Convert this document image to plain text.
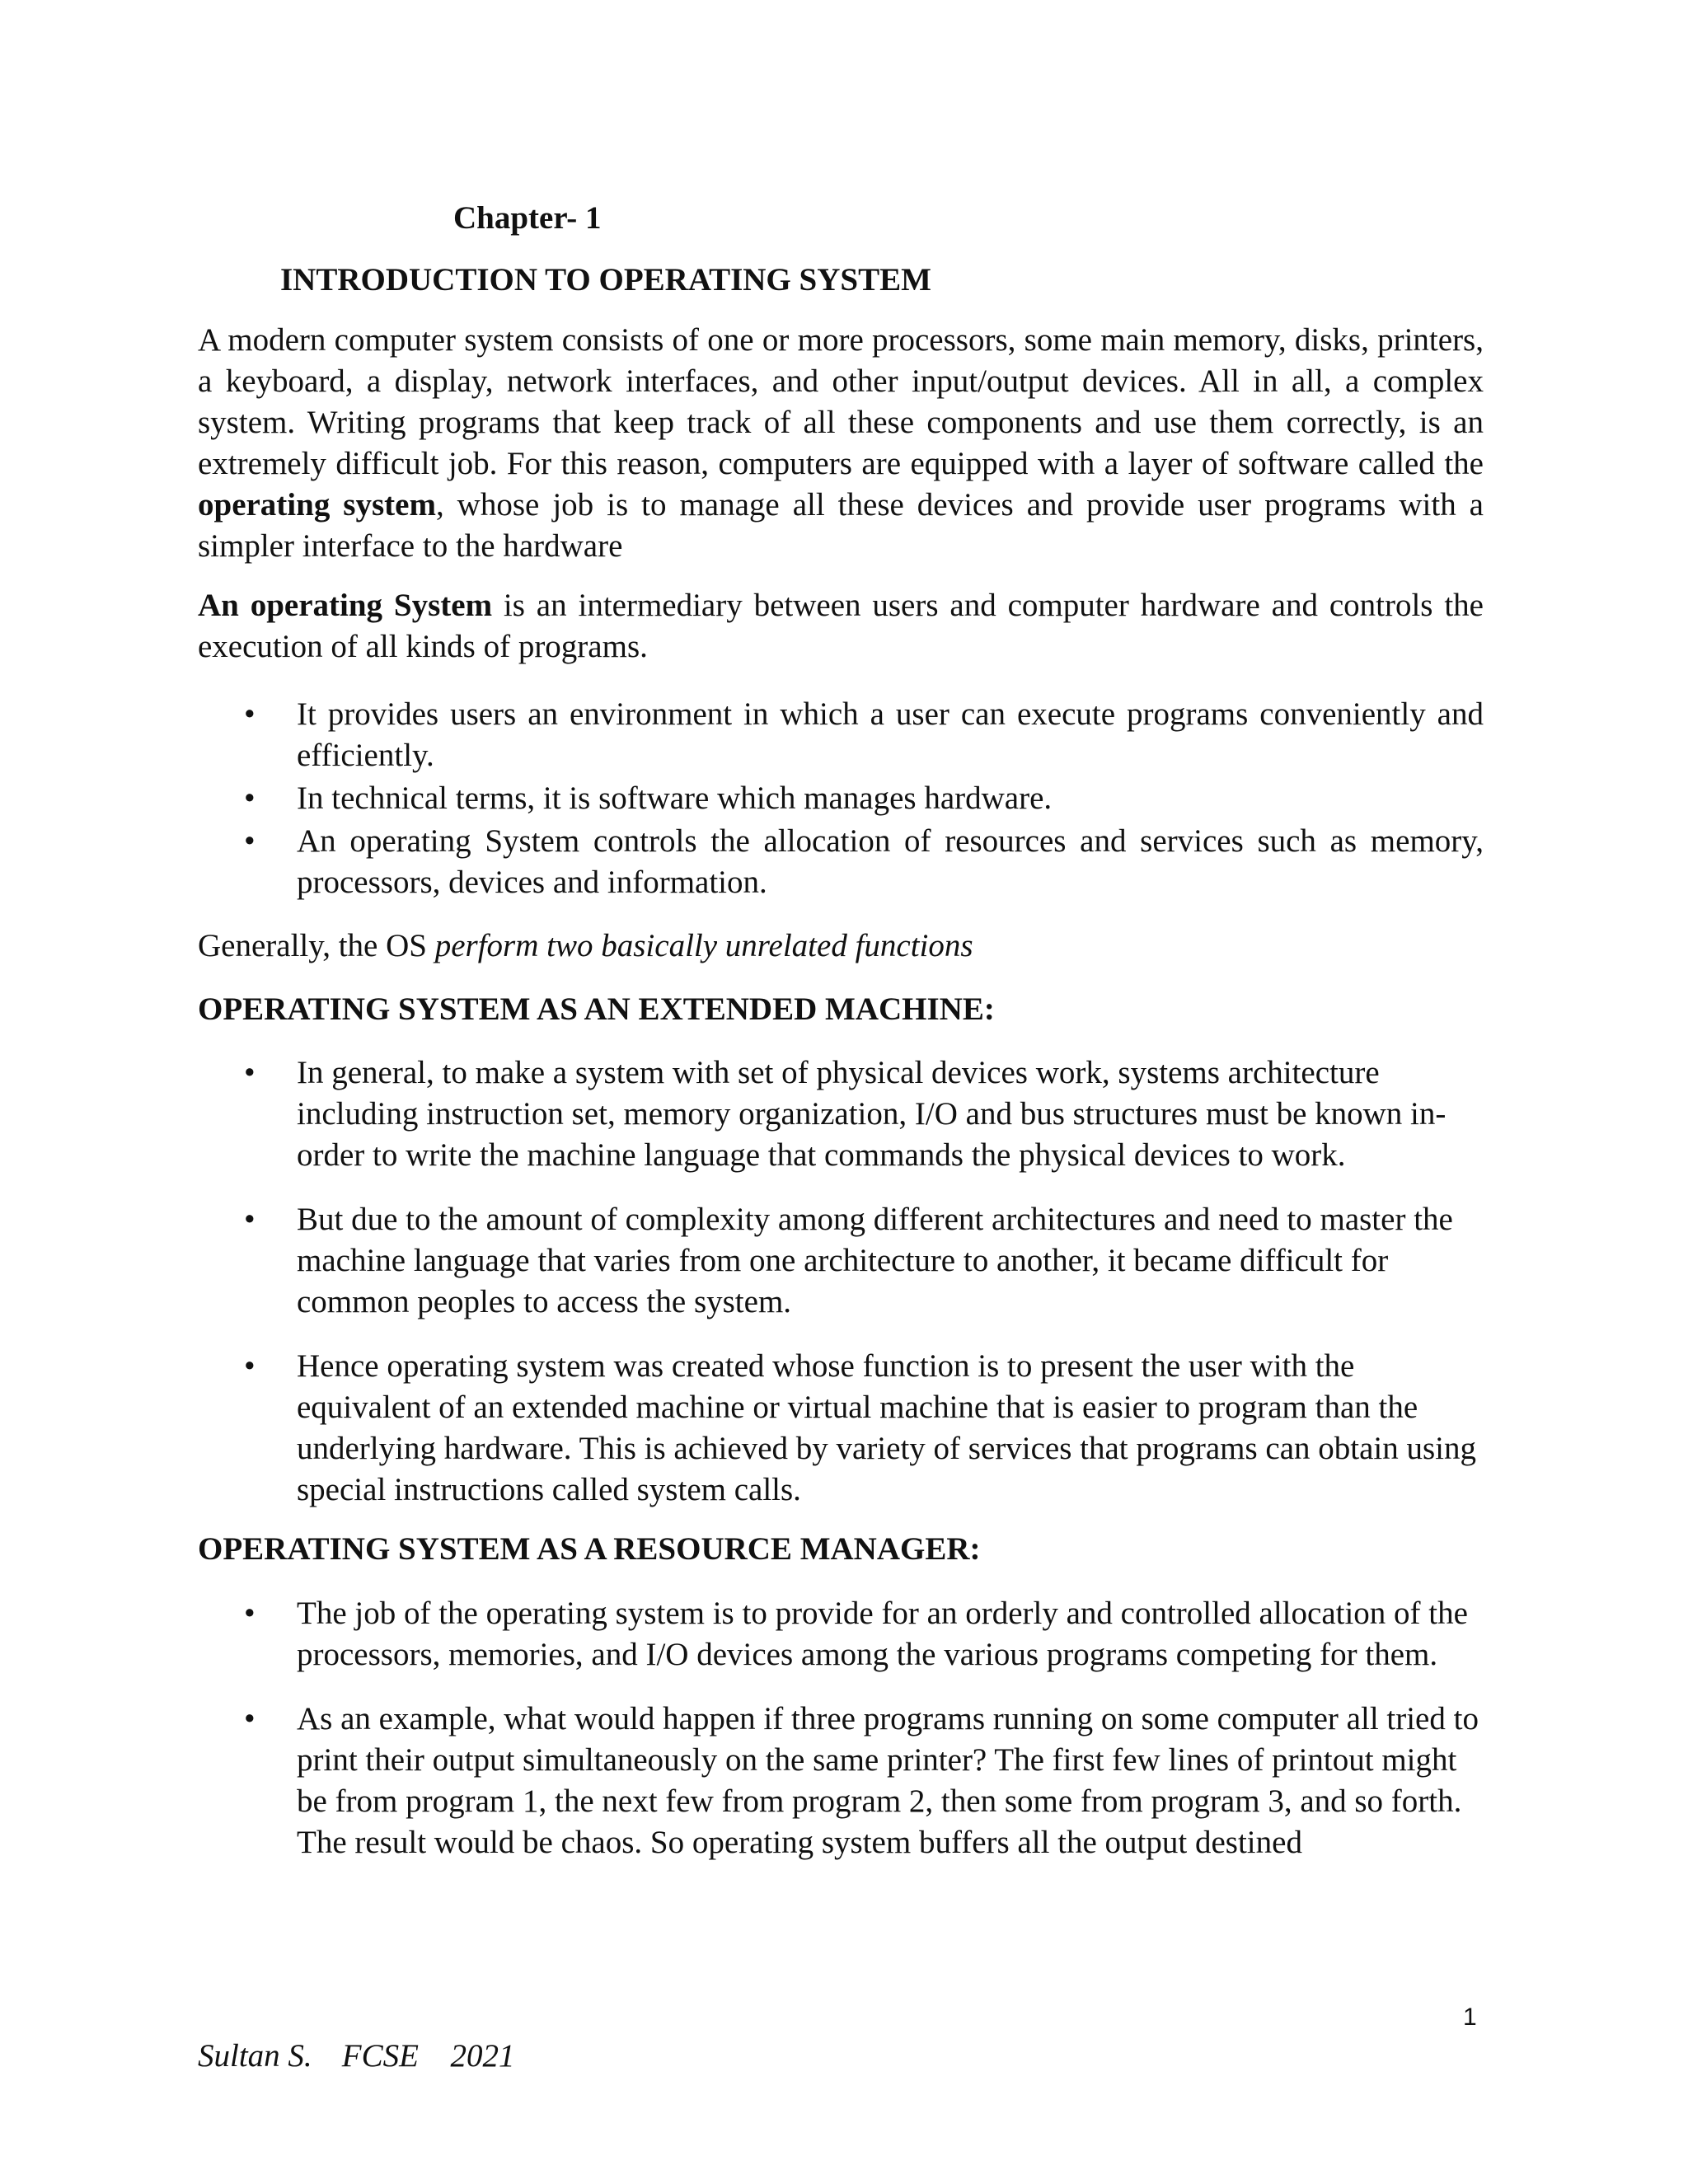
Chapter- 1
INTRODUCTION TO OPERATING SYSTEM
A modern computer system consists of one or more processors, some main memory, disks, printers, a keyboard, a display, network interfaces, and other input/output devices. All in all, a complex system. Writing programs that keep track of all these components and use them correctly, is an extremely difficult job. For this reason, computers are equipped with a layer of software called the operating system, whose job is to manage all these devices and provide user programs with a simpler interface to the hardware
An operating System is an intermediary between users and computer hardware and controls the execution of all kinds of programs.
• It provides users an environment in which a user can execute programs conveniently and efficiently.
• In technical terms, it is software which manages hardware.
• An operating System controls the allocation of resources and services such as memory, processors, devices and information.
Generally, the OS perform two basically unrelated functions
OPERATING SYSTEM AS AN EXTENDED MACHINE:
• In general, to make a system with set of physical devices work, systems architecture including instruction set, memory organization, I/O and bus structures must be known in-order to write the machine language that commands the physical devices to work.
• But due to the amount of complexity among different architectures and need to master the machine language that varies from one architecture to another, it became difficult for common peoples to access the system.
• Hence operating system was created whose function is to present the user with the equivalent of an extended machine or virtual machine that is easier to program than the underlying hardware. This is achieved by variety of services that programs can obtain using special instructions called system calls.
OPERATING SYSTEM AS A RESOURCE MANAGER:
• The job of the operating system is to provide for an orderly and controlled allocation of the processors, memories, and I/O devices among the various programs competing for them.
• As an example, what would happen if three programs running on some computer all tried to print their output simultaneously on the same printer? The first few lines of printout might be from program 1, the next few from program 2, then some from program 3, and so forth. The result would be chaos. So operating system buffers all the output destined
1
Sultan S. FCSE 2021
